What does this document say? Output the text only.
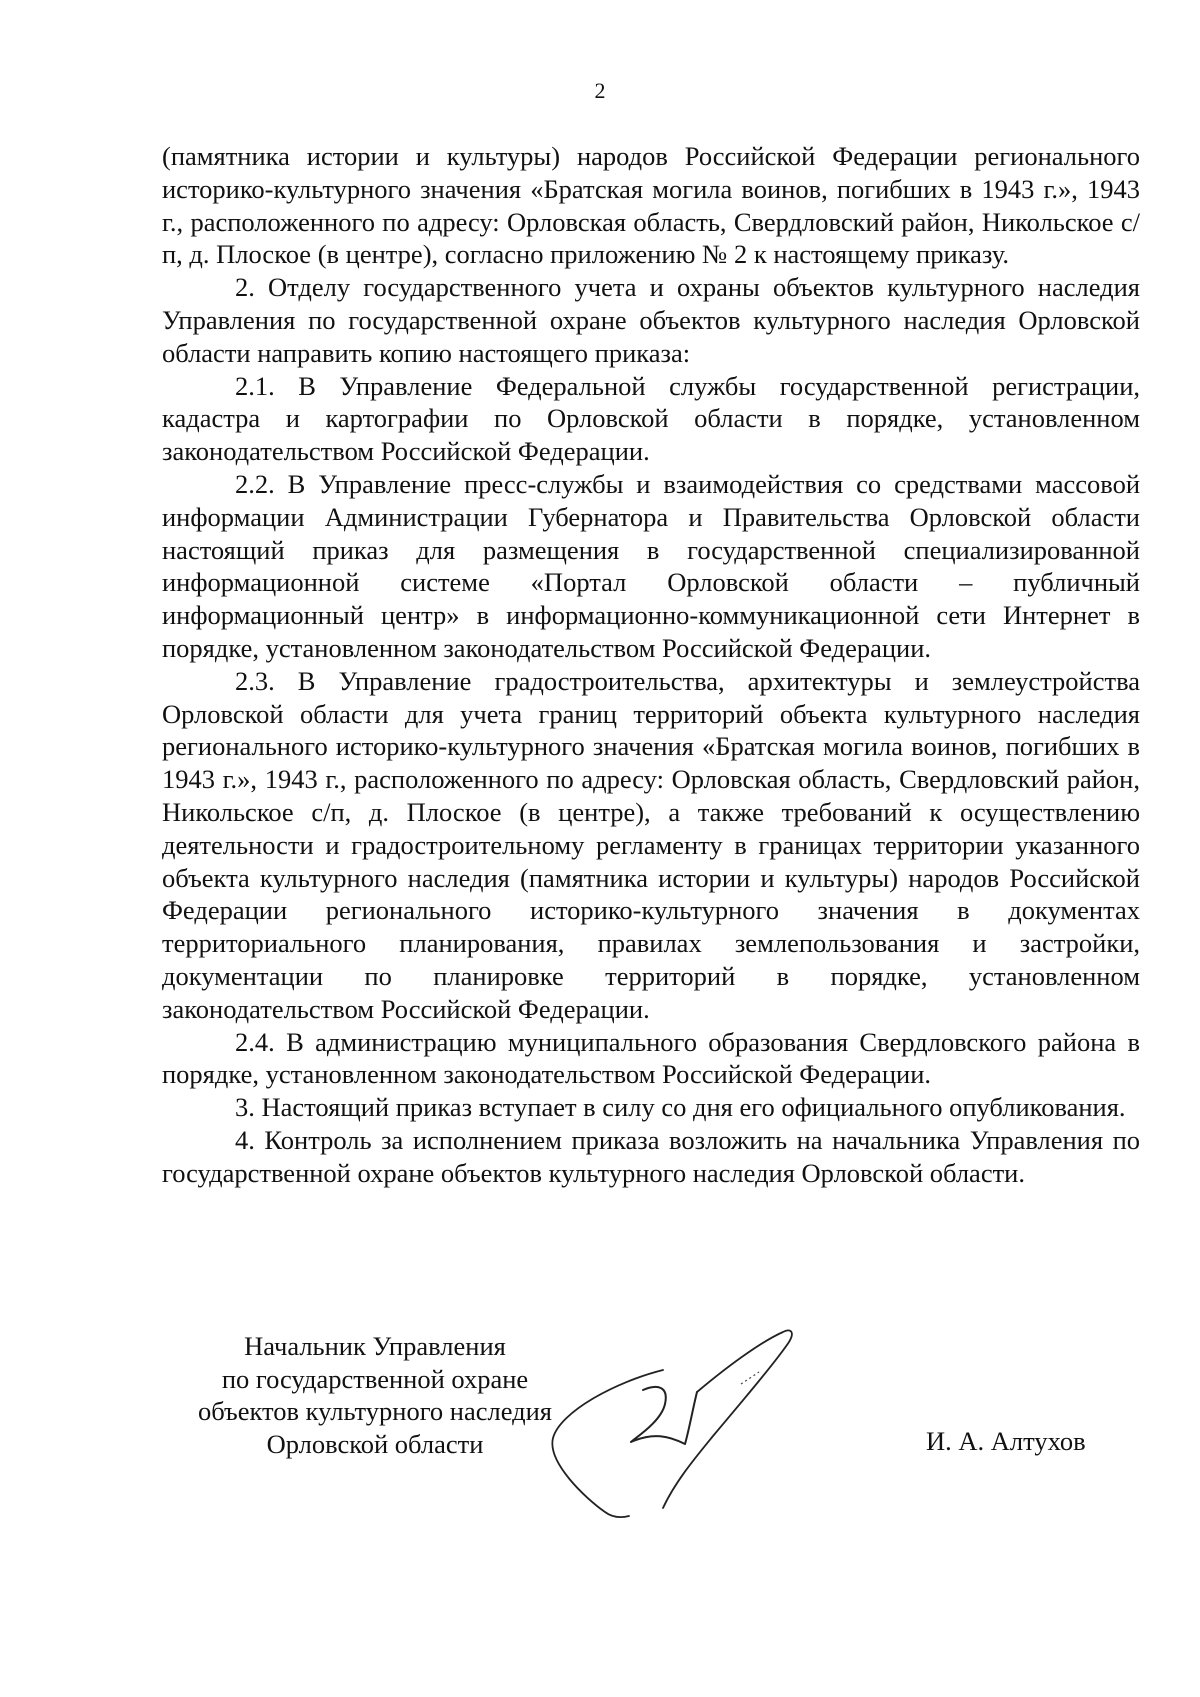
2

(памятника истории и культуры) народов Российской Федерации регионального историко-культурного значения «Братская могила воинов, погибших в 1943 г.», 1943 г., расположенного по адресу: Орловская область, Свердловский район, Никольское с/п, д. Плоское (в центре), согласно приложению № 2 к настоящему приказу.

2. Отделу государственного учета и охраны объектов культурного наследия Управления по государственной охране объектов культурного наследия Орловской области направить копию настоящего приказа:

2.1. В Управление Федеральной службы государственной регистрации, кадастра и картографии по Орловской области в порядке, установленном законодательством Российской Федерации.

2.2. В Управление пресс-службы и взаимодействия со средствами массовой информации Администрации Губернатора и Правительства Орловской области настоящий приказ для размещения в государственной специализированной информационной системе «Портал Орловской области – публичный информационный центр» в информационно-коммуникационной сети Интернет в порядке, установленном законодательством Российской Федерации.

2.3. В Управление градостроительства, архитектуры и землеустройства Орловской области для учета границ территорий объекта культурного наследия регионального историко-культурного значения «Братская могила воинов, погибших в 1943 г.», 1943 г., расположенного по адресу: Орловская область, Свердловский район, Никольское с/п, д. Плоское (в центре), а также требований к осуществлению деятельности и градостроительному регламенту в границах территории указанного объекта культурного наследия (памятника истории и культуры) народов Российской Федерации регионального историко-культурного значения в документах территориального планирования, правилах землепользования и застройки, документации по планировке территорий в порядке, установленном законодательством Российской Федерации.

2.4. В администрацию муниципального образования Свердловского района в порядке, установленном законодательством Российской Федерации.

3. Настоящий приказ вступает в силу со дня его официального опубликования.

4. Контроль за исполнением приказа возложить на начальника Управления по государственной охране объектов культурного наследия Орловской области.

Начальник Управления
по государственной охране
объектов культурного наследия
Орловской области	И. А. Алтухов
